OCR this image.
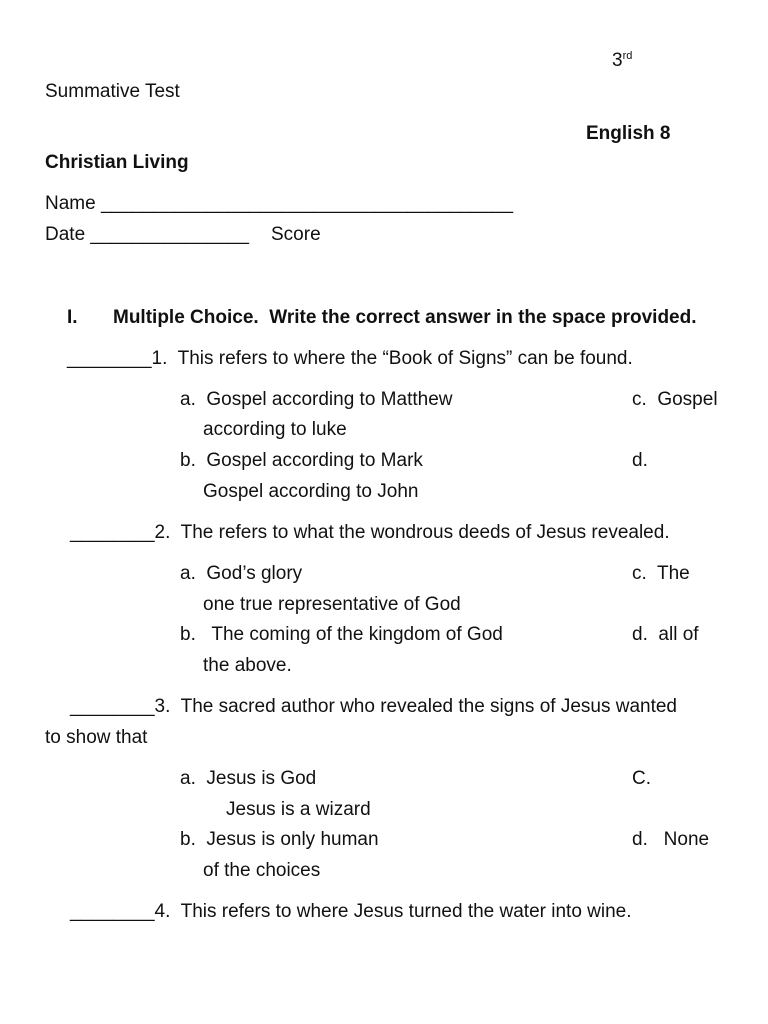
3rd
Summative Test
English 8
Christian Living
Name _______________________________________
Date _______________ Score
I. Multiple Choice.  Write the correct answer in the space provided.
________1.  This refers to where the “Book of Signs” can be found.
a.  Gospel according to Matthew	c.  Gospel
according to luke
b.  Gospel according to Mark	d.
Gospel according to John
________2.  The refers to what the wondrous deeds of Jesus revealed.
a.  God’s glory	c.  The
one true representative of God
b.   The coming of the kingdom of God	d.  all of
the above.
________3.  The sacred author who revealed the signs of Jesus wanted
to show that
a.  Jesus is God	C.
Jesus is a wizard
b.  Jesus is only human	d.   None
of the choices
________4.  This refers to where Jesus turned the water into wine.
